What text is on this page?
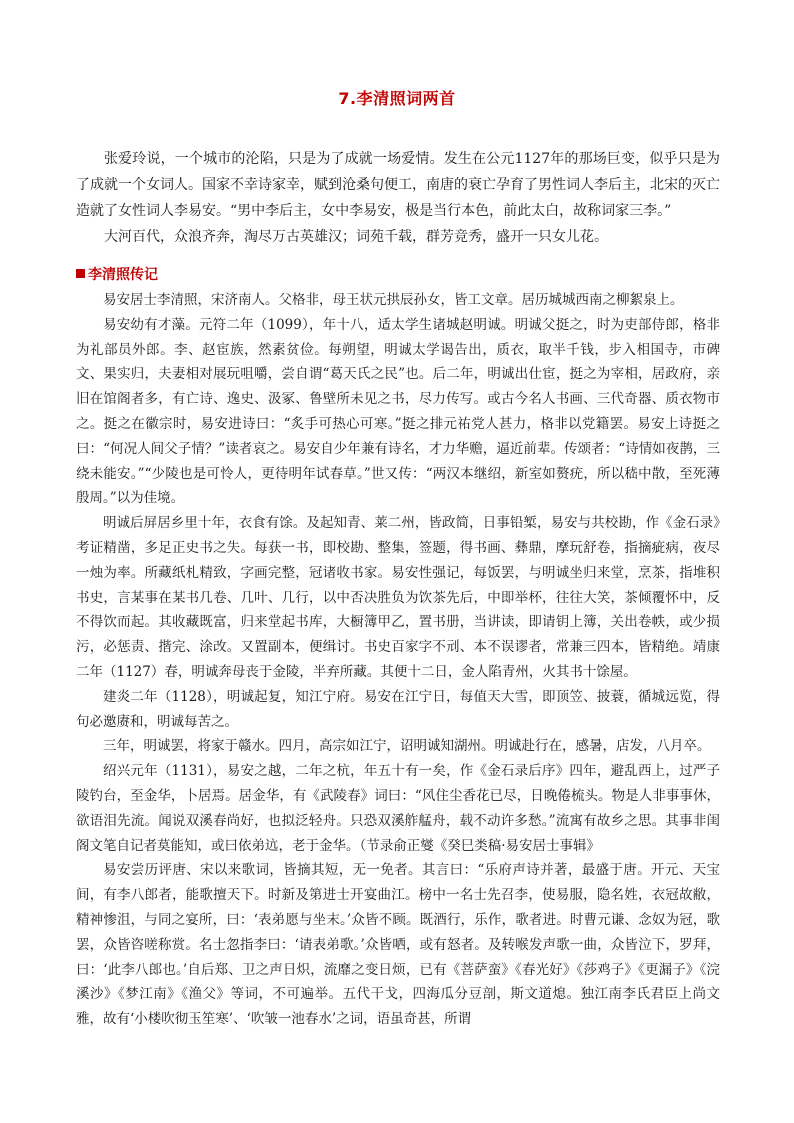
7.李清照词两首

张爱玲说，一个城市的沦陷，只是为了成就一场爱情。发生在公元1127年的那场巨变，似乎只是为了成就一个女词人。国家不幸诗家幸，赋到沧桑句便工，南唐的衰亡孕育了男性词人李后主，北宋的灭亡造就了女性词人李易安。“男中李后主，女中李易安，极是当行本色，前此太白，故称词家三李。”

大河百代，众浪齐奔，淘尽万古英雄汉；词苑千载，群芳竞秀，盛开一只女儿花。

李清照传记

易安居士李清照，宋济南人。父格非，母王状元拱辰孙女，皆工文章。居历城城西南之柳絮泉上。

易安幼有才藻。元符二年（1099），年十八，适太学生诸城赵明诚。明诚父挺之，时为吏部侍郎，格非为礼部员外郎。李、赵宦族，然素贫俭。每朔望，明诚太学谒告出，质衣，取半千钱，步入相国寺，市碑文、果实归，夫妻相对展玩咀嚼，尝自谓“葛天氏之民”也。后二年，明诚出仕宦，挺之为宰相，居政府，亲旧在馆阁者多，有亡诗、逸史、汲冢、鲁壁所未见之书，尽力传写。或古今名人书画、三代奇器、质衣物市之。挺之在徽宗时，易安进诗曰：“炙手可热心可寒。”挺之排元祐党人甚力，格非以党籍罢。易安上诗挺之曰：“何况人间父子情？”读者哀之。易安自少年兼有诗名，才力华赡，逼近前辈。传颂者：“诗情如夜鹊，三绕未能安。”“少陵也是可怜人，更待明年试春草。”世又传：“两汉本继绍，新室如赘疣，所以嵇中散，至死薄殷周。”以为佳境。

明诚后屏居乡里十年，衣食有馀。及起知青、莱二州，皆政简，日事铅椠，易安与共校勘，作《金石录》考证精凿，多足正史书之失。每获一书，即校勘、整集，签题，得书画、彝鼎，摩玩舒卷，指摘疵病，夜尽一烛为率。所藏纸札精致，字画完整，冠诸收书家。易安性强记，每饭罢，与明诚坐归来堂，烹茶，指堆积书史，言某事在某书几卷、几叶、几行，以中否决胜负为饮茶先后，中即举杯，往往大笑，茶倾覆怀中，反不得饮而起。其收藏既富，归来堂起书库，大橱簿甲乙，置书册，当讲读，即请钥上簿，关出卷帙，或少损污，必惩责、揩完、涂改。又置副本，便缉讨。书史百家字不刓、本不误谬者，常兼三四本，皆精绝。靖康二年（1127）春，明诚奔母丧于金陵，半弃所藏。其便十二日，金人陷青州，火其书十馀屋。

建炎二年（1128），明诚起复，知江宁府。易安在江宁日，每值天大雪，即顶笠、披蓑，循城远览，得句必邀赓和，明诚每苦之。

三年，明诚罢，将家于赣水。四月，高宗如江宁，诏明诚知湖州。明诚赴行在，感暑，店发，八月卒。

绍兴元年（1131），易安之越，二年之杭，年五十有一矣，作《金石录后序》四年，避乱西上，过严子陵钓台，至金华，卜居焉。居金华，有《武陵春》词曰：“风住尘香花已尽，日晚倦梳头。物是人非事事休，欲语泪先流。闻说双溪春尚好，也拟泛轻舟。只恐双溪舴艋舟，载不动许多愁。”流寓有故乡之思。其事非闺阁文笔自记者莫能知，或曰依弟迒，老于金华。（节录俞正燮《癸巳类稿·易安居士事辑》

易安尝历评唐、宋以来歌词，皆摘其短，无一免者。其言曰：“乐府声诗并著，最盛于唐。开元、天宝间，有李八郎者，能歌擅天下。时新及第进士开宴曲江。榜中一名士先召李，使易服，隐名姓，衣冠故敝，精神惨沮，与同之宴所，曰：‘表弟愿与坐末。’众皆不顾。既酒行，乐作，歌者进。时曹元谦、念奴为冠，歌罢，众皆咨嗟称赏。名士忽指李曰：‘请表弟歌。’众皆哂，或有怒者。及转喉发声歌一曲，众皆泣下，罗拜，曰：‘此李八郎也。’自后郑、卫之声日炽，流靡之变日烦，已有《菩萨蛮》《春光好》《莎鸡子》《更漏子》《浣溪沙》《梦江南》《渔父》等词，不可遍举。五代干戈，四海瓜分豆剖，斯文道熄。独江南李氏君臣上尚文雅，故有‘小楼吹彻玉笙寒’、‘吹皱一池春水’之词，语虽奇甚，所谓
